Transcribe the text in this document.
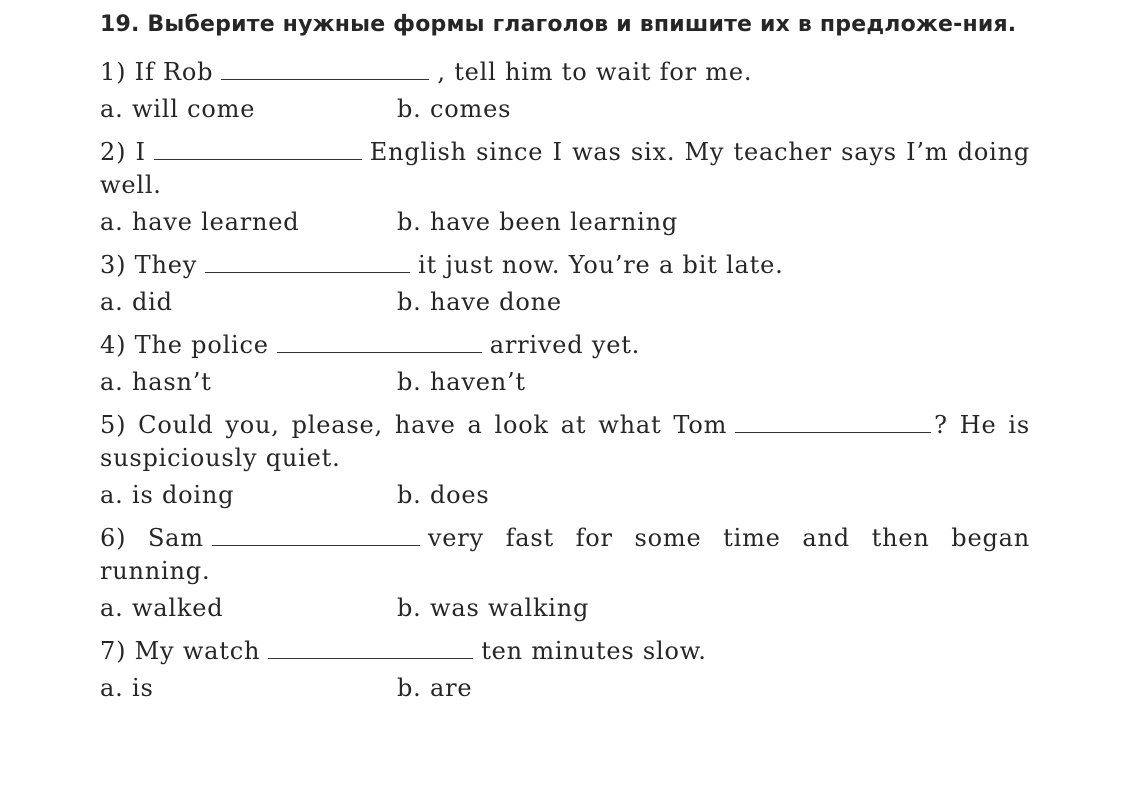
19. Выберите нужные формы глаголов и впишите их в предложе-ния.
1) If Rob	, tell him to wait for me.
a. will come	b. comes
2) I	English since I was six. My teacher says I’m doing well.
a. have learned	b. have been learning
3) They	it just now. You’re a bit late.
a. did	b. have done
4) The police	arrived yet.
a. hasn’t	b. haven’t
5) Could you, please, have a look at what Tom	? He is suspiciously quiet.
a. is doing	b. does
6) Sam	very fast for some time and then began running.
a. walked	b. was walking
7) My watch	ten minutes slow.
a. is	b. are
